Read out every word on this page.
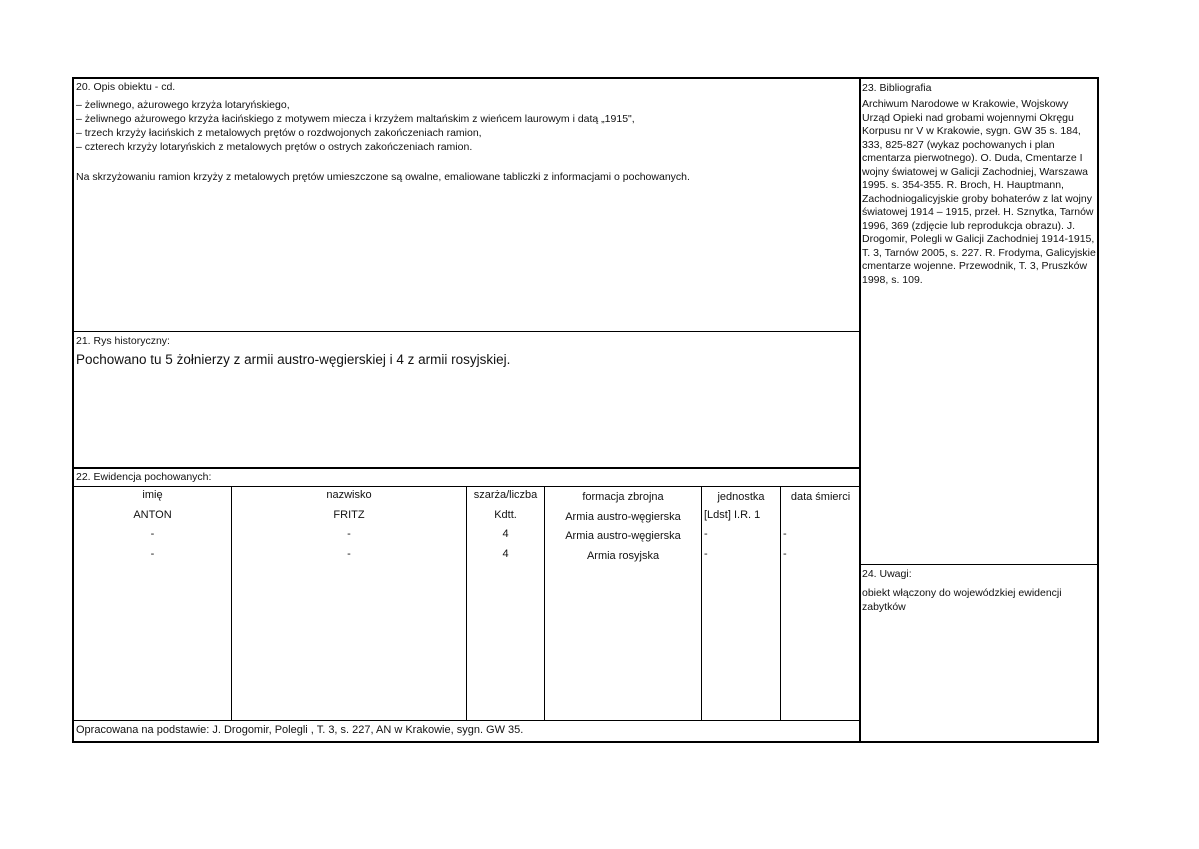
20. Opis obiektu - cd.
– żeliwnego, ażurowego krzyża lotaryńskiego,
– żeliwnego ażurowego krzyża łacińskiego z motywem miecza i krzyżem maltańskim z wieńcem laurowym i datą „1915",
– trzech krzyży łacińskich z metalowych prętów o rozdwojonych zakończeniach ramion,
– czterech krzyży lotaryńskich z metalowych prętów o ostrych zakończeniach ramion.
Na skrzyżowaniu ramion krzyży z metalowych prętów umieszczone są owalne, emaliowane tabliczki z informacjami o pochowanych.
21. Rys historyczny:
Pochowano tu 5 żołnierzy z armii austro-węgierskiej i 4 z armii rosyjskiej.
22. Ewidencja pochowanych:
imię	nazwisko	szarża/liczba	formacja zbrojna	jednostka	data śmierci
ANTON	FRITZ	Kdtt.	Armia austro-węgierska	[Ldst] I.R. 1
-	-	4	Armia austro-węgierska	-	-
-	-	4	Armia rosyjska	-	-
Opracowana na podstawie: J. Drogomir, Polegli , T. 3, s. 227, AN w Krakowie, sygn. GW 35.
23. Bibliografia
Archiwum Narodowe w Krakowie, Wojskowy Urząd Opieki nad grobami wojennymi Okręgu Korpusu nr V w Krakowie, sygn. GW 35 s. 184, 333, 825-827 (wykaz pochowanych i plan cmentarza pierwotnego). O. Duda, Cmentarze I wojny światowej w Galicji Zachodniej, Warszawa 1995. s. 354-355. R. Broch, H. Hauptmann, Zachodniogalicyjskie groby bohaterów z lat wojny światowej 1914 – 1915, przeł. H. Sznytka, Tarnów 1996, 369 (zdjęcie lub reprodukcja obrazu). J. Drogomir, Polegli w Galicji Zachodniej 1914-1915, T. 3, Tarnów 2005, s. 227. R. Frodyma, Galicyjskie cmentarze wojenne. Przewodnik, T. 3, Pruszków 1998, s. 109.
24. Uwagi:
obiekt włączony do wojewódzkiej ewidencji zabytków
